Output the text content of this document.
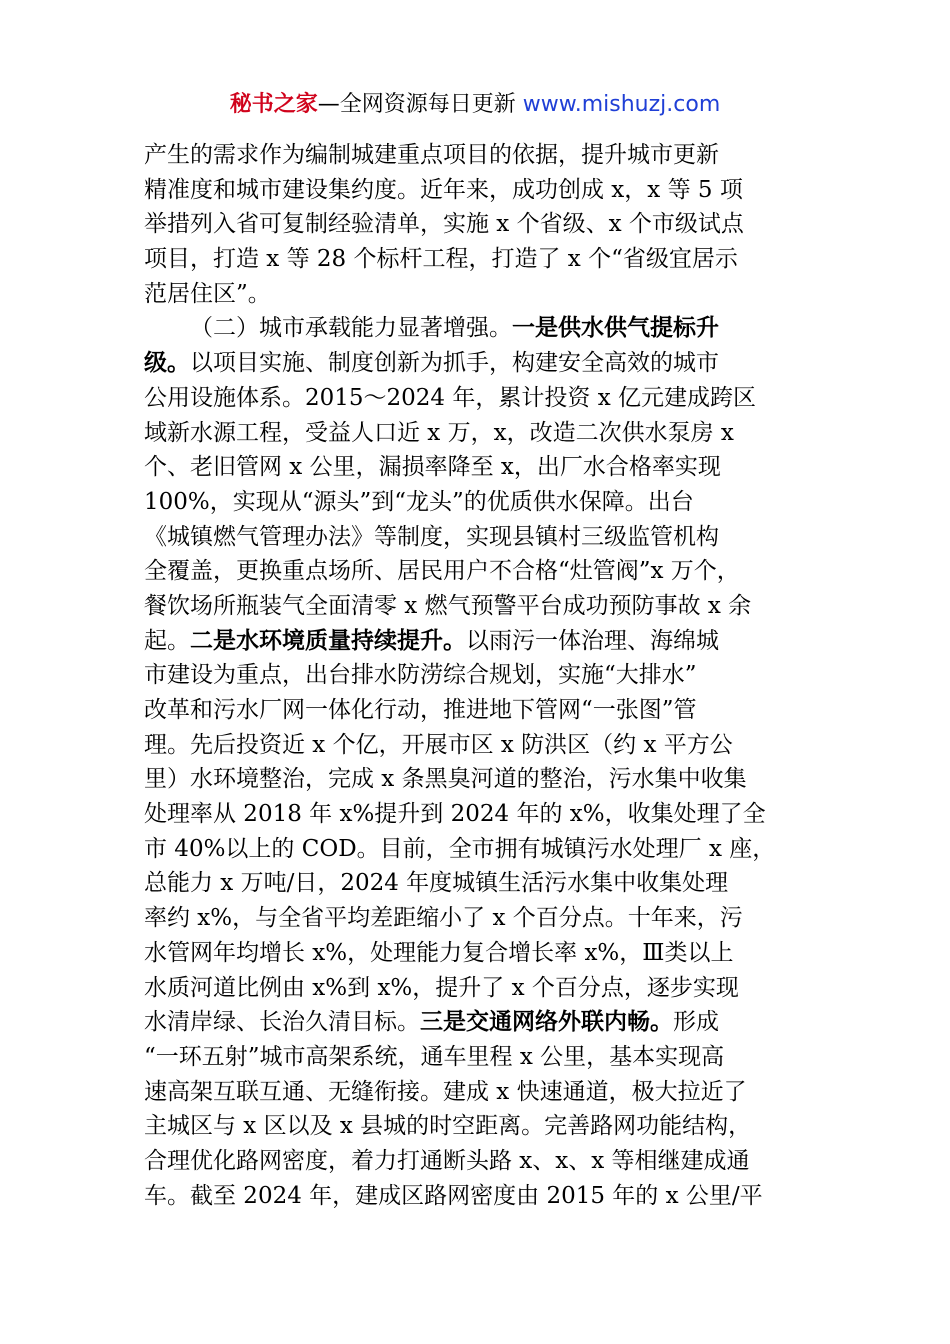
秘书之家—全网资源每日更新 www.mishuzj.com
产生的需求作为编制城建重点项目的依据，提升城市更新
精准度和城市建设集约度。近年来，成功创成 x，x 等 5 项
举措列入省可复制经验清单，实施 x 个省级、x 个市级试点
项目，打造 x 等 28 个标杆工程，打造了 x 个“省级宜居示
范居住区”。
（二）城市承载能力显著增强。一是供水供气提标升
级。以项目实施、制度创新为抓手，构建安全高效的城市
公用设施体系。2015～2024 年，累计投资 x 亿元建成跨区
域新水源工程，受益人口近 x 万，x，改造二次供水泵房 x
个、老旧管网 x 公里，漏损率降至 x，出厂水合格率实现
100%，实现从“源头”到“龙头”的优质供水保障。出台
《城镇燃气管理办法》等制度，实现县镇村三级监管机构
全覆盖，更换重点场所、居民用户不合格“灶管阀”x 万个，
餐饮场所瓶装气全面清零 x 燃气预警平台成功预防事故 x 余
起。二是水环境质量持续提升。以雨污一体治理、海绵城
市建设为重点，出台排水防涝综合规划，实施“大排水”
改革和污水厂网一体化行动，推进地下管网“一张图”管
理。先后投资近 x 个亿，开展市区 x 防洪区（约 x 平方公
里）水环境整治，完成 x 条黑臭河道的整治，污水集中收集
处理率从 2018 年 x%提升到 2024 年的 x%，收集处理了全
市 40%以上的 COD。目前，全市拥有城镇污水处理厂 x 座，
总能力 x 万吨/日，2024 年度城镇生活污水集中收集处理
率约 x%，与全省平均差距缩小了 x 个百分点。十年来，污
水管网年均增长 x%，处理能力复合增长率 x%，Ⅲ类以上
水质河道比例由 x%到 x%，提升了 x 个百分点，逐步实现
水清岸绿、长治久清目标。三是交通网络外联内畅。形成
“一环五射”城市高架系统，通车里程 x 公里，基本实现高
速高架互联互通、无缝衔接。建成 x 快速通道，极大拉近了
主城区与 x 区以及 x 县城的时空距离。完善路网功能结构，
合理优化路网密度，着力打通断头路 x、x、x 等相继建成通
车。截至 2024 年，建成区路网密度由 2015 年的 x 公里/平
